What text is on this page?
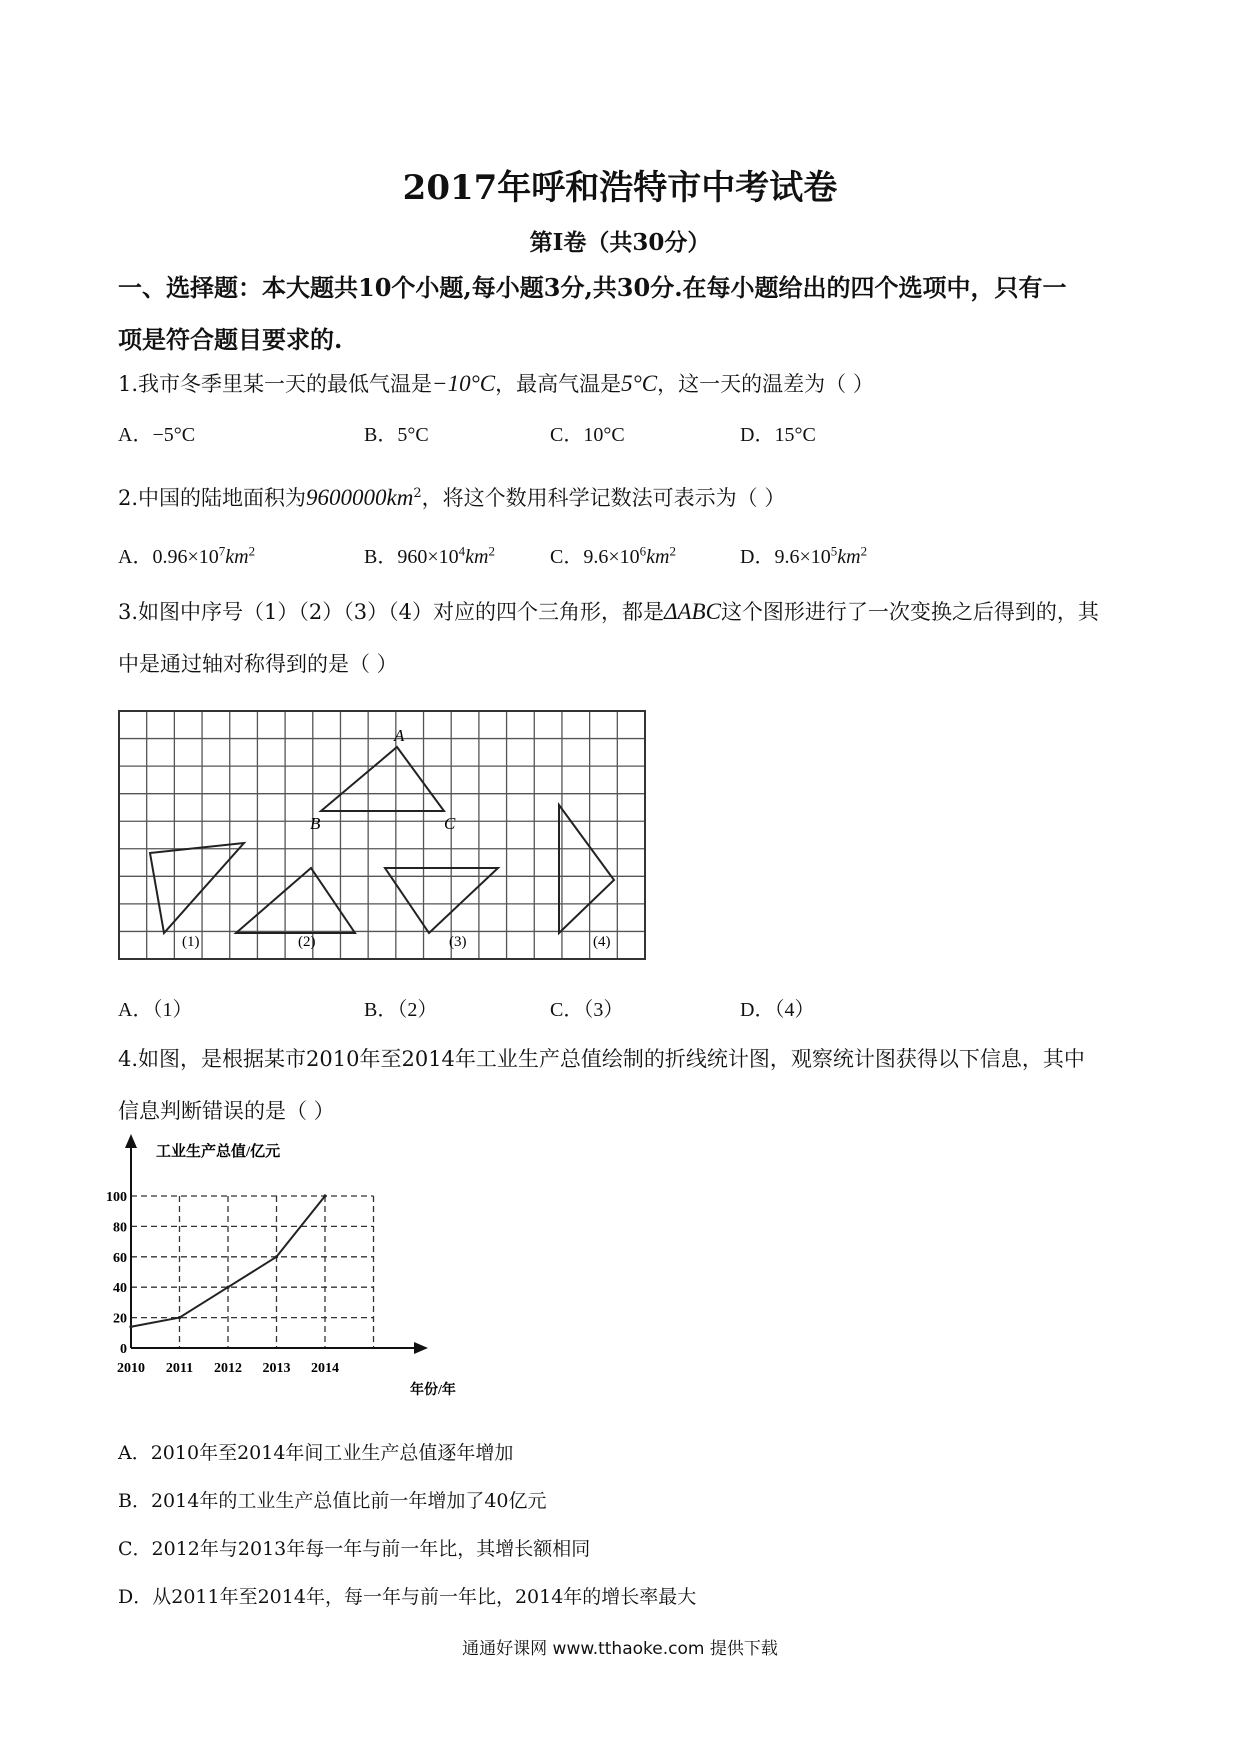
2017年呼和浩特市中考试卷
第Ⅰ卷（共30分）
一、选择题：本大题共10个小题,每小题3分,共30分.在每小题给出的四个选项中，只有一
项是符合题目要求的.
1.我市冬季里某一天的最低气温是−10°C，最高气温是5°C，这一天的温差为（ ）
A．−5°C	B．5°C	C．10°C	D．15°C
2.中国的陆地面积为$9600000km^2$，将这个数用科学记数法可表示为（ ）
A．$0.96\times 10^7km^2$	B．$960\times 10^4km^2$	C．$9.6\times 10^6km^2$	D．$9.6\times 10^5km^2$
3.如图中序号（1）（2）（3）（4）对应的四个三角形，都是ΔABC这个图形进行了一次变换之后得到的，其
中是通过轴对称得到的是（ ）
A
B	C
(1)	(2)	(3)	(4)
A．（1）	B．（2）	C．（3）	D．（4）
4.如图，是根据某市2010年至2014年工业生产总值绘制的折线统计图，观察统计图获得以下信息，其中
信息判断错误的是（ ）
0
20
40
60
80
100
2010 2011 2012 2013 2014
工业生产总值/亿元
年份/年
A．2010年至2014年间工业生产总值逐年增加
B．2014年的工业生产总值比前一年增加了40亿元
C．2012年与2013年每一年与前一年比，其增长额相同
D．从2011年至2014年，每一年与前一年比，2014年的增长率最大
通通好课网 www.tthaoke.com 提供下载
